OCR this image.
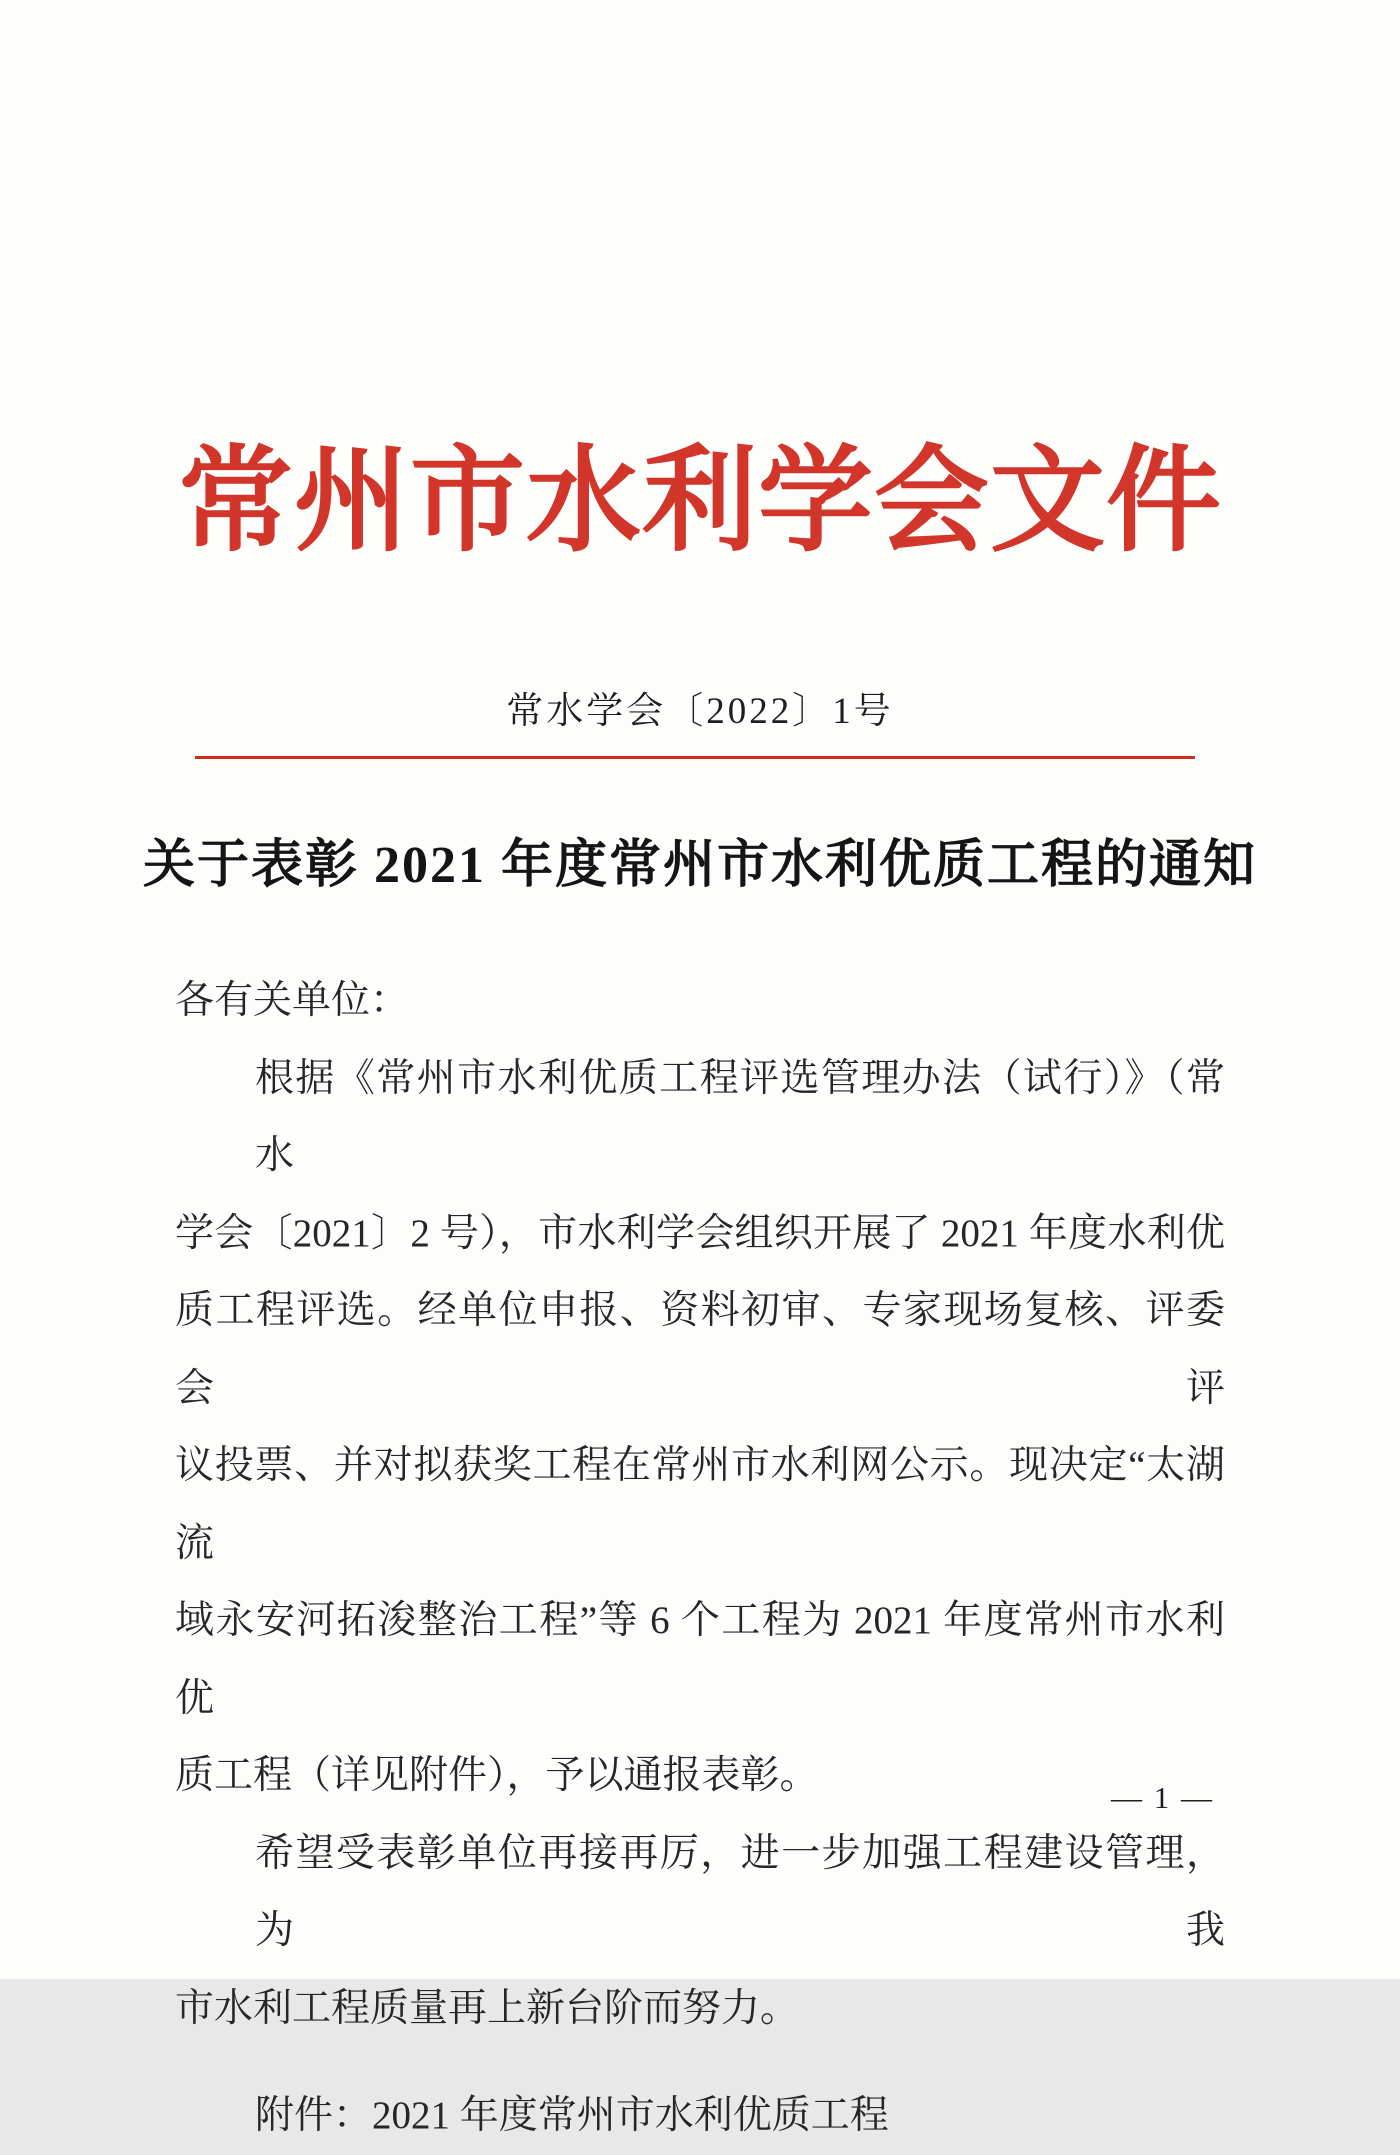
常州市水利学会文件
常水学会〔2022〕1号
关于表彰 2021 年度常州市水利优质工程的通知
各有关单位：
根据《常州市水利优质工程评选管理办法（试行）》（常水
学会〔2021〕2 号），市水利学会组织开展了 2021 年度水利优
质工程评选。经单位申报、资料初审、专家现场复核、评委会评
议投票、并对拟获奖工程在常州市水利网公示。现决定“太湖流
域永安河拓浚整治工程”等 6 个工程为 2021 年度常州市水利优
质工程（详见附件），予以通报表彰。
希望受表彰单位再接再厉，进一步加强工程建设管理，为我
市水利工程质量再上新台阶而努力。
附件：2021 年度常州市水利优质工程
— 1 —
